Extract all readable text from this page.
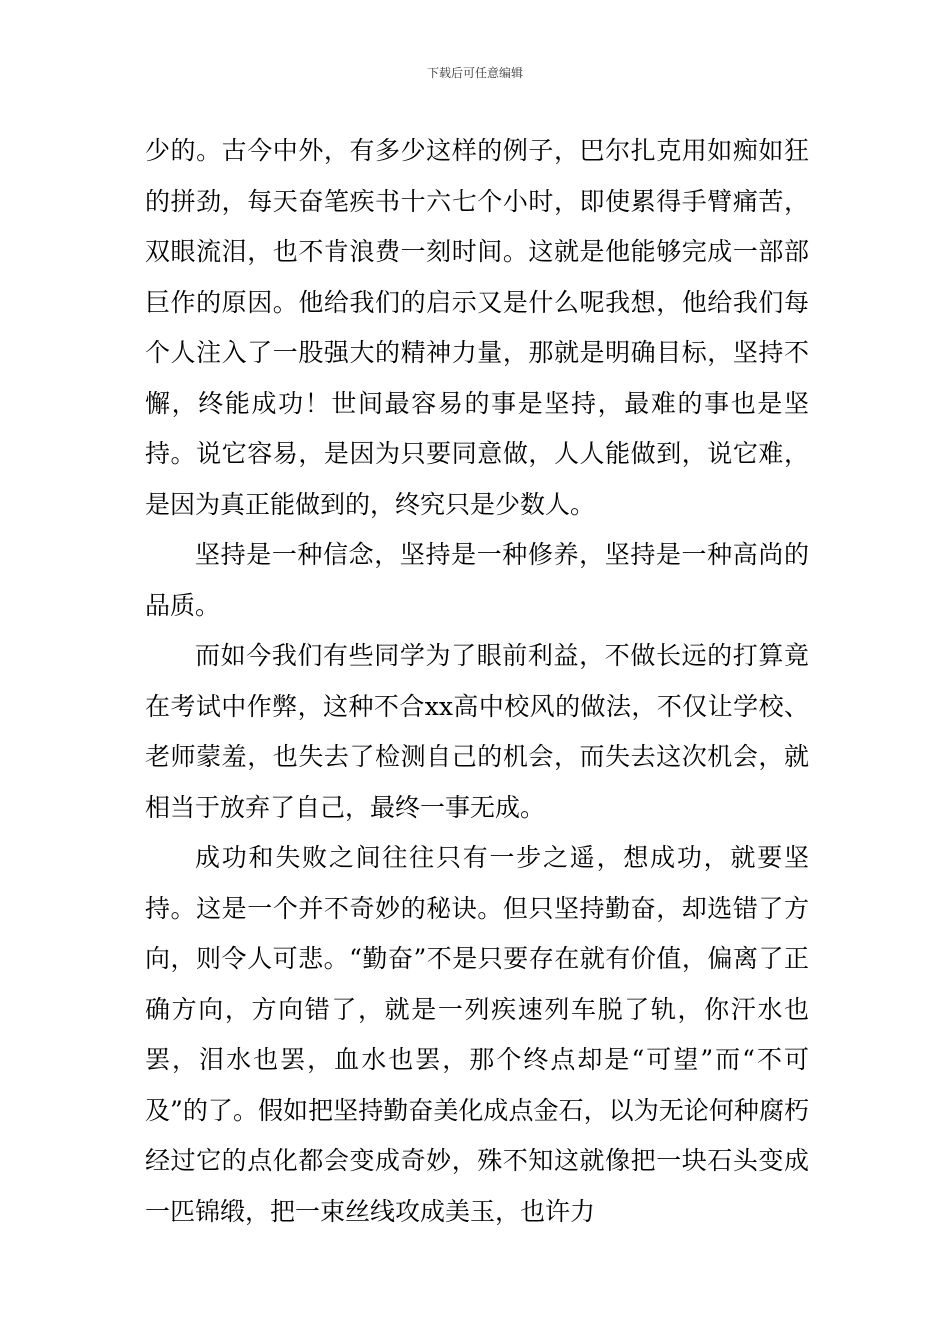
下载后可任意编辑

少的。古今中外，有多少这样的例子，巴尔扎克用如痴如狂的拼劲，每天奋笔疾书十六七个小时，即使累得手臂痛苦，双眼流泪，也不肯浪费一刻时间。这就是他能够完成一部部巨作的原因。他给我们的启示又是什么呢我想，他给我们每个人注入了一股强大的精神力量，那就是明确目标，坚持不懈，终能成功！世间最容易的事是坚持，最难的事也是坚持。说它容易，是因为只要同意做，人人能做到，说它难，是因为真正能做到的，终究只是少数人。

坚持是一种信念，坚持是一种修养，坚持是一种高尚的品质。

而如今我们有些同学为了眼前利益，不做长远的打算竟在考试中作弊，这种不合xx高中校风的做法，不仅让学校、老师蒙羞，也失去了检测自己的机会，而失去这次机会，就相当于放弃了自己，最终一事无成。

成功和失败之间往往只有一步之遥，想成功，就要坚持。这是一个并不奇妙的秘诀。但只坚持勤奋，却选错了方向，则令人可悲。“勤奋”不是只要存在就有价值，偏离了正确方向，方向错了，就是一列疾速列车脱了轨，你汗水也罢，泪水也罢，血水也罢，那个终点却是“可望”而“不可及”的了。假如把坚持勤奋美化成点金石，以为无论何种腐朽经过它的点化都会变成奇妙，殊不知这就像把一块石头变成一匹锦缎，把一束丝线攻成美玉，也许力
